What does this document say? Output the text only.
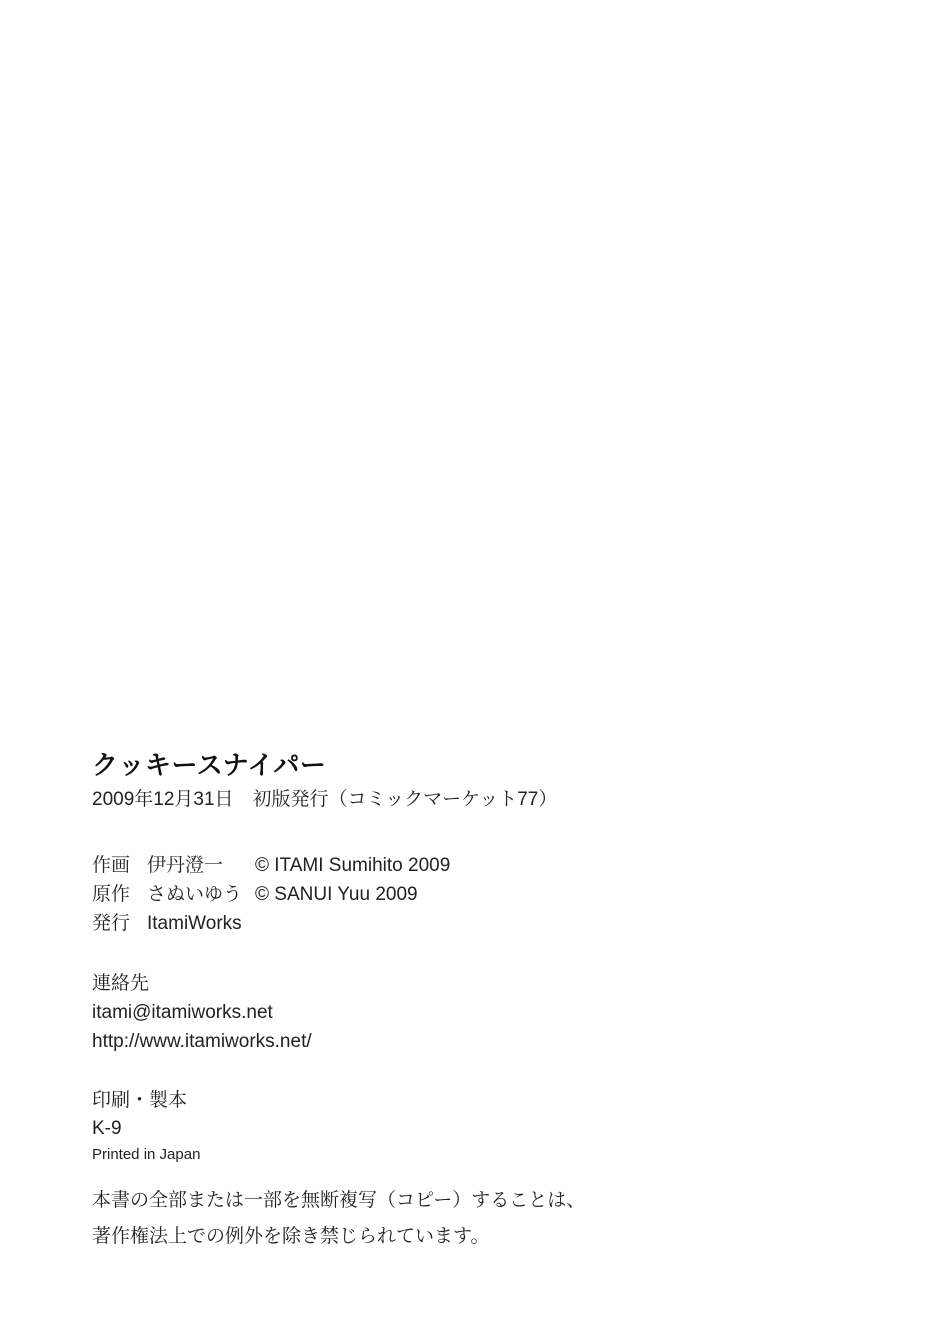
クッキースナイパー
2009年12月31日　初版発行（コミックマーケット77）
作画 伊丹澄一	© ITAMI Sumihito 2009
原作 さぬいゆう © SANUI Yuu 2009
発行 ItamiWorks
連絡先
itami@itamiworks.net
http://www.itamiworks.net/
印刷・製本
K-9
Printed in Japan
本書の全部または一部を無断複写（コピー）することは、
著作権法上での例外を除き禁じられています。
